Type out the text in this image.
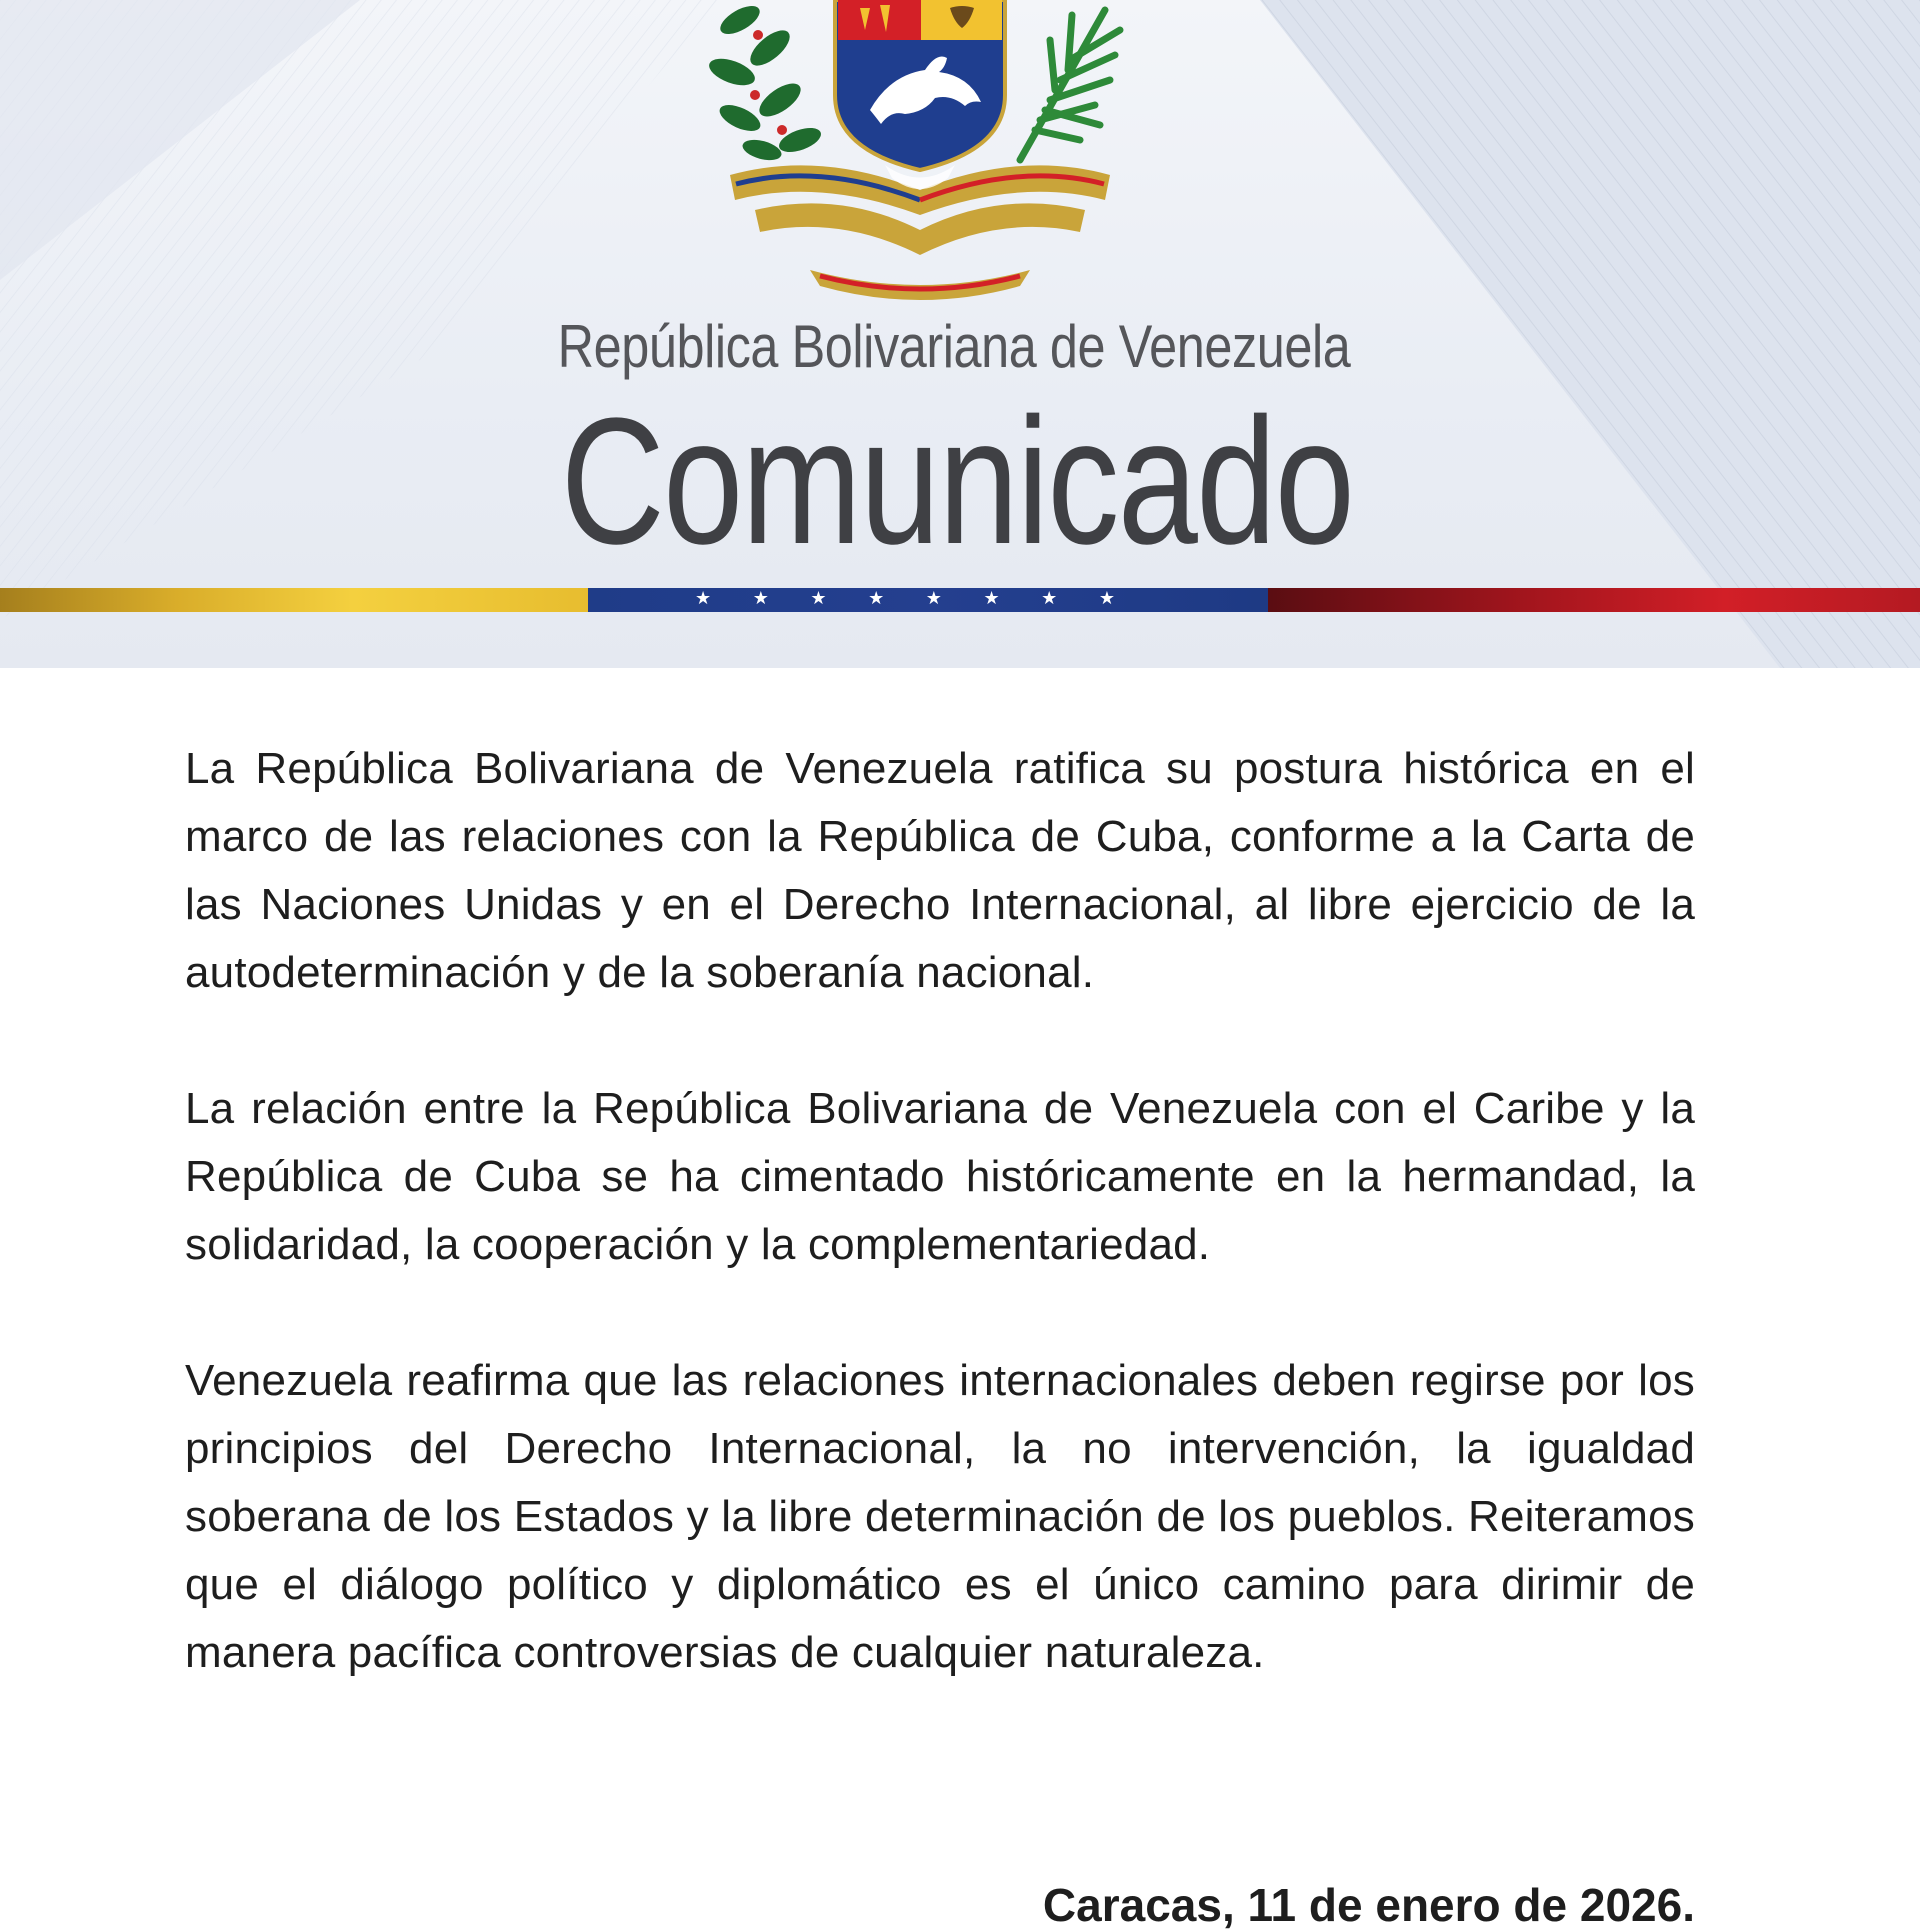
República Bolivariana de Venezuela
Comunicado
★ ★ ★ ★ ★ ★ ★ ★

La República Bolivariana de Venezuela ratifica su postura histórica en el marco de las relaciones con la República de Cuba, conforme a la Carta de las Naciones Unidas y en el Derecho Internacional, al libre ejercicio de la autodeterminación y de la soberanía nacional.

La relación entre la República Bolivariana de Venezuela con el Caribe y la República de Cuba se ha cimentado históricamente en la hermandad, la solidaridad, la cooperación y la complementariedad.

Venezuela reafirma que las relaciones internacionales deben regirse por los principios del Derecho Internacional, la no intervención, la igualdad soberana de los Estados y la libre determinación de los pueblos. Reiteramos que el diálogo político y diplomático es el único camino para dirimir de manera pacífica controversias de cualquier naturaleza.

Caracas, 11 de enero de 2026.
